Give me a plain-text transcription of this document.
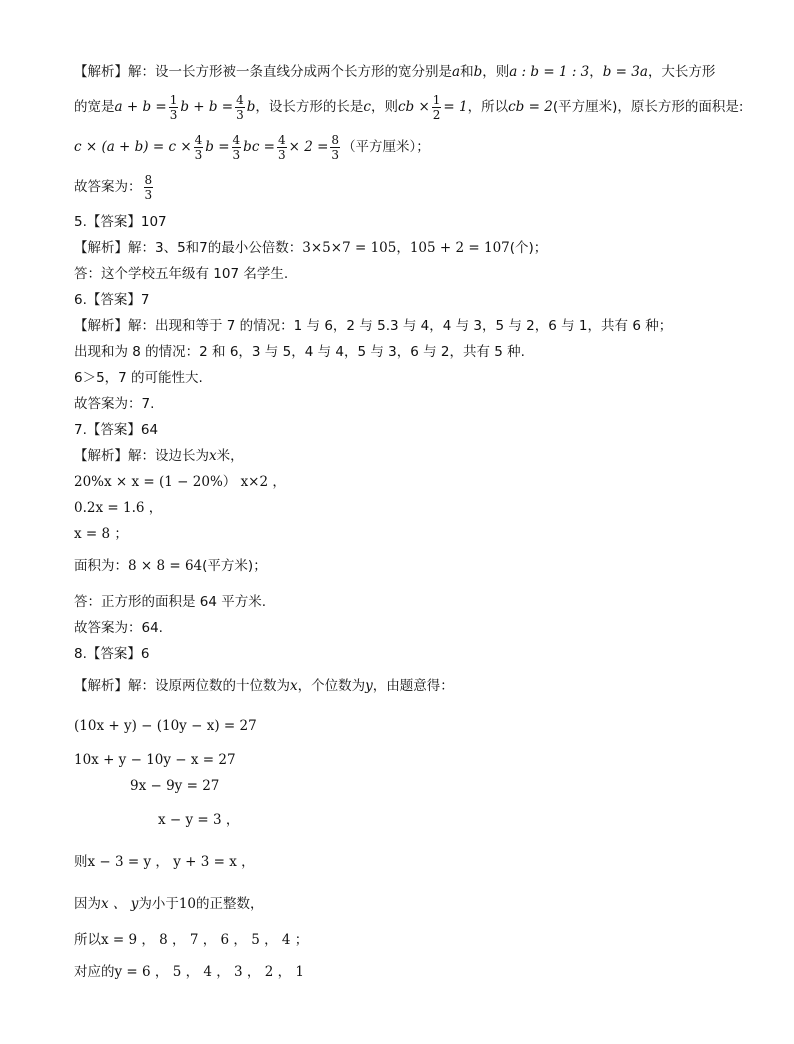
【解析】解：设一长方形被一条直线分成两个长方形的宽分别是a和b，则a : b = 1 : 3，b = 3a，大长方形
的宽是$a + b = \frac{1}{3}$ $b + b = \frac{4}{3}$ b，设长方形的长是c，则cb × $\frac{1}{2} = 1$，所以cb = 2(平方厘米)，原长方形的面积是:
$c \times (a + b) = c \times \frac{4}{3}$ $b = \frac{4}{3}$ bc = $\frac{4}{3} \times 2 = \frac{8}{3}$ （平方厘米）；
故答案为： $\frac{8}{3}$
5.【答案】107
【解析】解：3、5和7的最小公倍数：3×5×7 = 105，105 + 2 = 107(个)；
答：这个学校五年级有 107 名学生.
6.【答案】7
【解析】解：出现和等于 7 的情况：1 与 6，2 与 5.3 与 4，4 与 3，5 与 2，6 与 1，共有 6 种；
出现和为 8 的情况：2 和 6，3 与 5，4 与 4，5 与 3，6 与 2，共有 5 种.
6＞5，7 的可能性大.
故答案为：7.
7.【答案】64
【解析】解：设边长为x米，
20%x × x = (1 − 20%） x×2 ，
0.2x = 1.6 ，
x = 8 ；
面积为：8 × 8 = 64(平方米)；
答：正方形的面积是 64 平方米.
故答案为：64.
8.【答案】6
【解析】解：设原两位数的十位数为x，个位数为y，由题意得：
(10x + y) − (10y − x) = 27
10x + y − 10y − x = 27
9x − 9y = 27
x − y = 3 ，
则x − 3 = y ， y + 3 = x ，
因为x 、 y为小于10的正整数，
所以x = 9 ， 8 ， 7 ， 6 ， 5 ， 4 ；
对应的y = 6 ， 5 ， 4 ， 3 ， 2 ， 1
